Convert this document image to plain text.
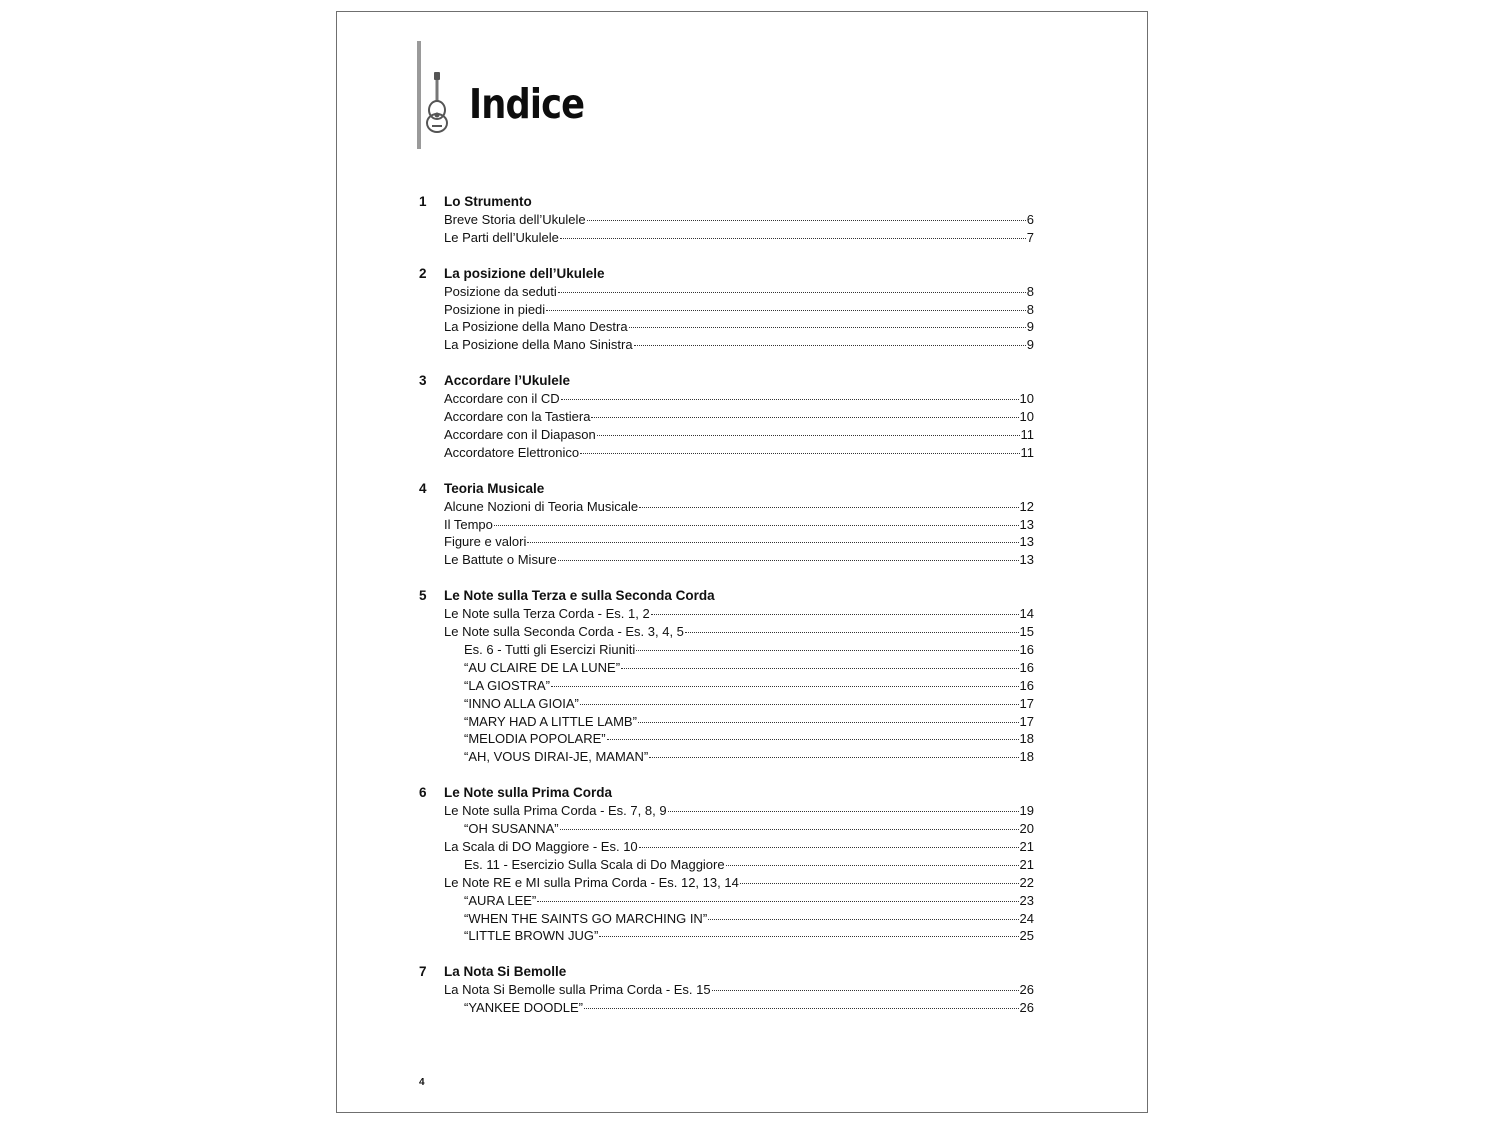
Indice
1 Lo Strumento
Breve Storia dell’Ukulele	6
Le Parti dell’Ukulele	7
2 La posizione dell’Ukulele
Posizione da seduti	8
Posizione in piedi	8
La Posizione della Mano Destra	9
La Posizione della Mano Sinistra	9
3 Accordare l’Ukulele
Accordare con il CD	10
Accordare con la Tastiera	10
Accordare con il Diapason	11
Accordatore Elettronico	11
4 Teoria Musicale
Alcune Nozioni di Teoria Musicale	12
Il Tempo	13
Figure e valori	13
Le Battute o Misure	13
5 Le Note sulla Terza e sulla Seconda Corda
Le Note sulla Terza Corda - Es. 1, 2	14
Le Note sulla Seconda Corda - Es. 3, 4, 5	15
Es. 6 - Tutti gli Esercizi Riuniti	16
“AU CLAIRE DE LA LUNE”	16
“LA GIOSTRA”	16
“INNO ALLA GIOIA”	17
“MARY HAD A LITTLE LAMB”	17
“MELODIA POPOLARE”	18
“AH, VOUS DIRAI-JE, MAMAN”	18
6 Le Note sulla Prima Corda
Le Note sulla Prima Corda - Es. 7, 8, 9	19
“OH SUSANNA”	20
La Scala di DO Maggiore - Es. 10	21
Es. 11 - Esercizio Sulla Scala di Do Maggiore	21
Le Note RE e MI sulla Prima Corda - Es. 12, 13, 14	22
“AURA LEE”	23
“WHEN THE SAINTS GO MARCHING IN”	24
“LITTLE BROWN JUG”	25
7 La Nota Si Bemolle
La Nota Si Bemolle sulla Prima Corda - Es. 15	26
“YANKEE DOODLE”	26
4
